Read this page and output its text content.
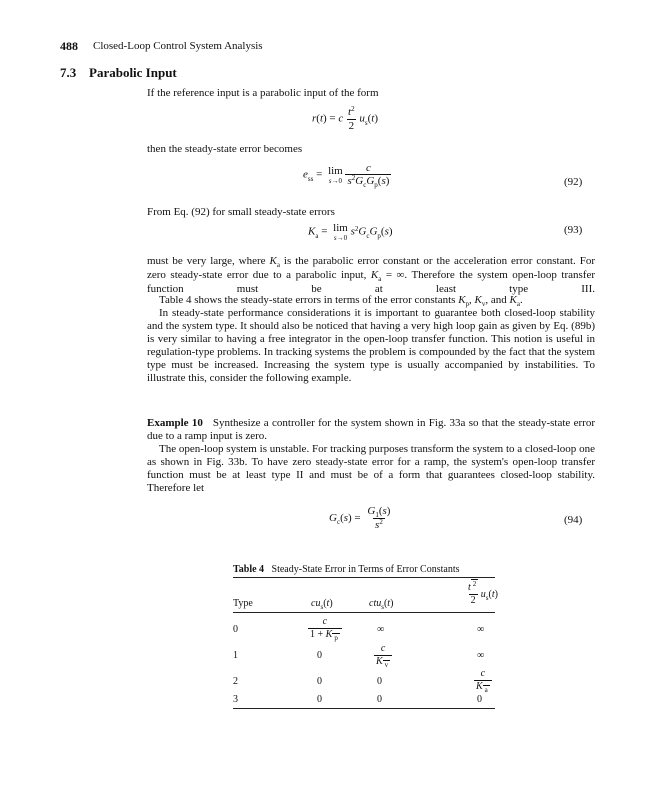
488 Closed-Loop Control System Analysis
7.3 Parabolic Input
If the reference input is a parabolic input of the form
r(t) = c $\frac{t^2}{2} u_s(t)$
then the steady-state error becomes
$e_{ss} = \lim$
s→0
$\frac{c}{s^2G_cG_p(s)}$	(92)
From Eq. (92) for small steady-state errors
$K_a = \lim$
s→0
$s^2G_cG_p(s)$	(93)
must be very large, where $K_a$ is the parabolic error constant or the acceleration error constant. For zero steady-state error due to a parabolic input, $K_a$ = ∞. Therefore the system open-loop transfer function must be at least type III.
Table 4 shows the steady-state errors in terms of the error constants $K_p$, $K_v$, and $K_a$.
In steady-state performance considerations it is important to guarantee both closed-loop stability and the system type. It should also be noticed that having a very high loop gain as given by Eq. (89b) is very similar to having a free integrator in the open-loop transfer function. This notion is useful in regulation-type problems. In tracking systems the problem is compounded by the fact that the system type must be increased. Increasing the system type is usually accompanied by instabilities. To illustrate this, consider the following example.
Example 10 Synthesize a controller for the system shown in Fig. 33a so that the steady-state error due to a ramp input is zero.
The open-loop system is unstable. For tracking purposes transform the system to a closed-loop one as shown in Fig. 33b. To have zero steady-state error for a ramp, the system's open-loop transfer function must be at least type II and must be of a form that guarantees closed-loop stability. Therefore let
$G_c(s) = \frac{G_1(s)}{s^2}$	(94)
Table 4 Steady-State Error in Terms of Error Constants
Type	$cu_s(t)$	ctu$_s$(t)	$\frac{t ^2}{2} u_s(t)$
0	$\frac{c}{1 + K _p}$	∞	∞
1	0	$\frac{c}{K _v}$	∞
2	0	0	$\frac{c}{K _a}$
3	0	0	0
